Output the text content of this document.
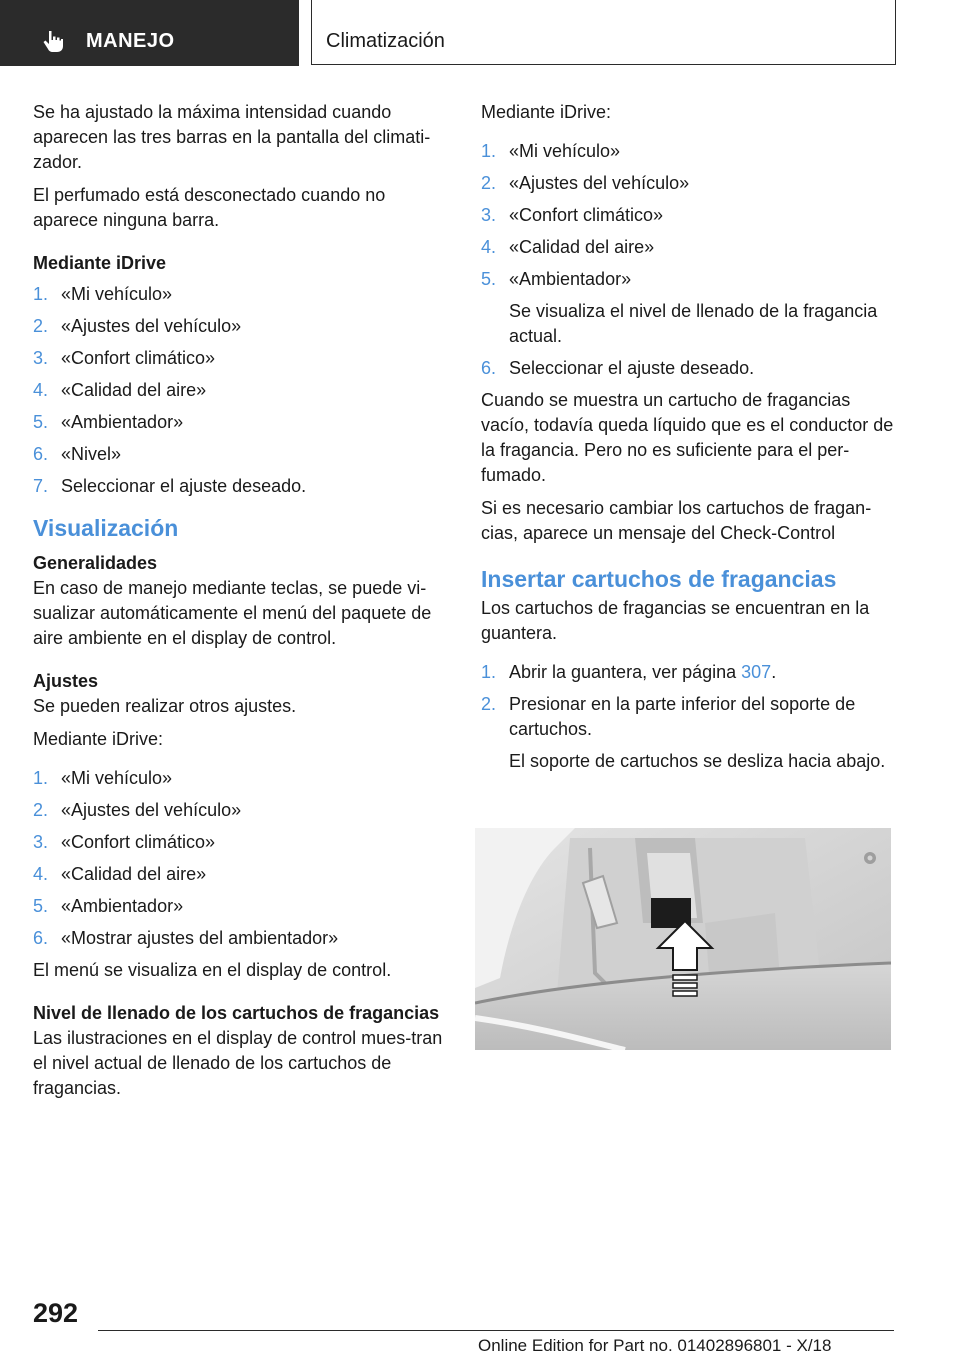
MANEJO	Climatización

Se ha ajustado la máxima intensidad cuando aparecen las tres barras en la pantalla del climati-zador.

El perfumado está desconectado cuando no aparece ninguna barra.

Mediante iDrive
1. «Mi vehículo»
2. «Ajustes del vehículo»
3. «Confort climático»
4. «Calidad del aire»
5. «Ambientador»
6. «Nivel»
7. Seleccionar el ajuste deseado.
Visualización
Generalidades

En caso de manejo mediante teclas, se puede vi-sualizar automáticamente el menú del paquete de aire ambiente en el display de control.

Ajustes

Se pueden realizar otros ajustes.

Mediante iDrive:

1. «Mi vehículo»
2. «Ajustes del vehículo»
3. «Confort climático»
4. «Calidad del aire»
5. «Ambientador»
6. «Mostrar ajustes del ambientador»

El menú se visualiza en el display de control.

Nivel de llenado de los cartuchos de fragancias

Las ilustraciones en el display de control mues-tran el nivel actual de llenado de los cartuchos de fragancias.

Mediante iDrive:

1. «Mi vehículo»
2. «Ajustes del vehículo»
3. «Confort climático»
4. «Calidad del aire»
5. «Ambientador»
Se visualiza el nivel de llenado de la fragancia actual.
6. Seleccionar el ajuste deseado.

Cuando se muestra un cartucho de fragancias vacío, todavía queda líquido que es el conductor de la fragancia. Pero no es suficiente para el per-fumado.

Si es necesario cambiar los cartuchos de fragan-cias, aparece un mensaje del Check-Control

Insertar cartuchos de fragancias

Los cartuchos de fragancias se encuentran en la guantera.

1. Abrir la guantera, ver página 307.
2. Presionar en la parte inferior del soporte de cartuchos.
El soporte de cartuchos se desliza hacia abajo.
292
Online Edition for Part no. 01402896801 - X/18
